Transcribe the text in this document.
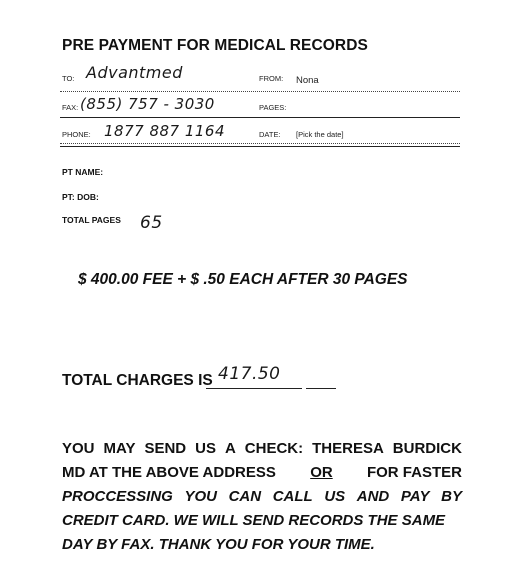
PRE PAYMENT FOR MEDICAL RECORDS
TO: Advantmed	FROM: Nona
FAX: (855) 757 - 3030	PAGES:
PHONE: 1877 887 1164	DATE: [Pick the date]
PT NAME:
PT: DOB:
TOTAL PAGES 65
$ 400.00 FEE + $ .50 EACH AFTER 30 PAGES
TOTAL CHARGES IS 417.50
YOU MAY SEND US A CHECK: THERESA BURDICK
MD AT THE ABOVE ADDRESS OR FOR FASTER
PROCCESSING YOU CAN CALL US AND PAY BY
CREDIT CARD. WE WILL SEND RECORDS THE SAME
DAY BY FAX. THANK YOU FOR YOUR TIME.
